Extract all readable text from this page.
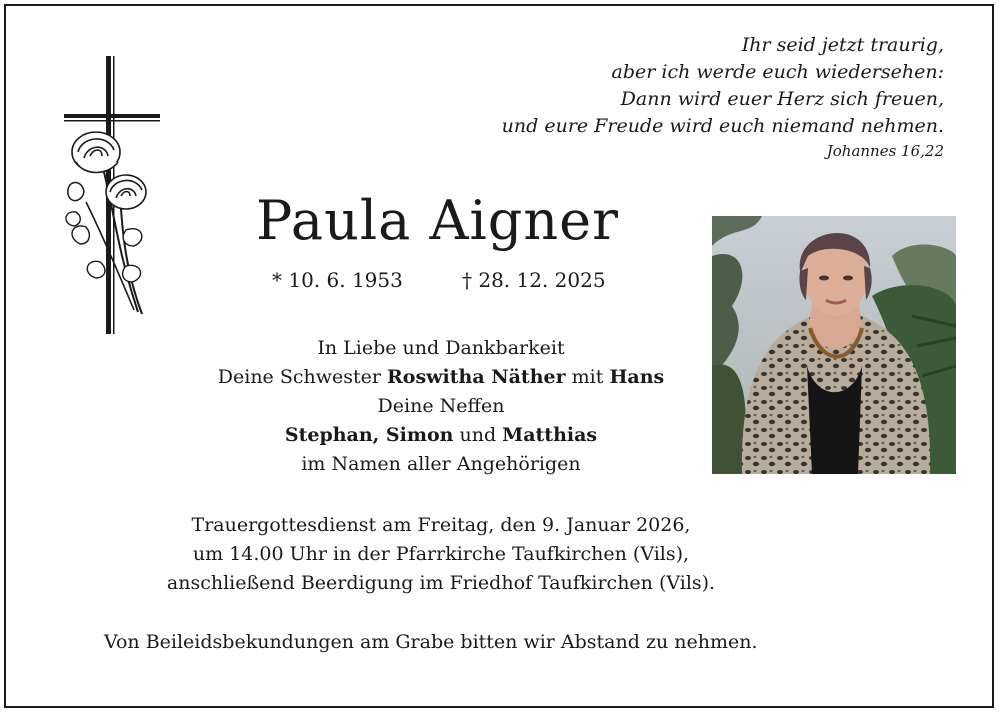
Ihr seid jetzt traurig,
aber ich werde euch wiedersehen:
Dann wird euer Herz sich freuen,
und eure Freude wird euch niemand nehmen.
Johannes 16,22
Paula Aigner
* 10. 6. 1953	† 28. 12. 2025
In Liebe und Dankbarkeit
Deine Schwester Roswitha Näther mit Hans
Deine Neffen
Stephan, Simon und Matthias
im Namen aller Angehörigen
Trauergottesdienst am Freitag, den 9. Januar 2026,
um 14.00 Uhr in der Pfarrkirche Taufkirchen (Vils),
anschließend Beerdigung im Friedhof Taufkirchen (Vils).
Von Beileidsbekundungen am Grabe bitten wir Abstand zu nehmen.
